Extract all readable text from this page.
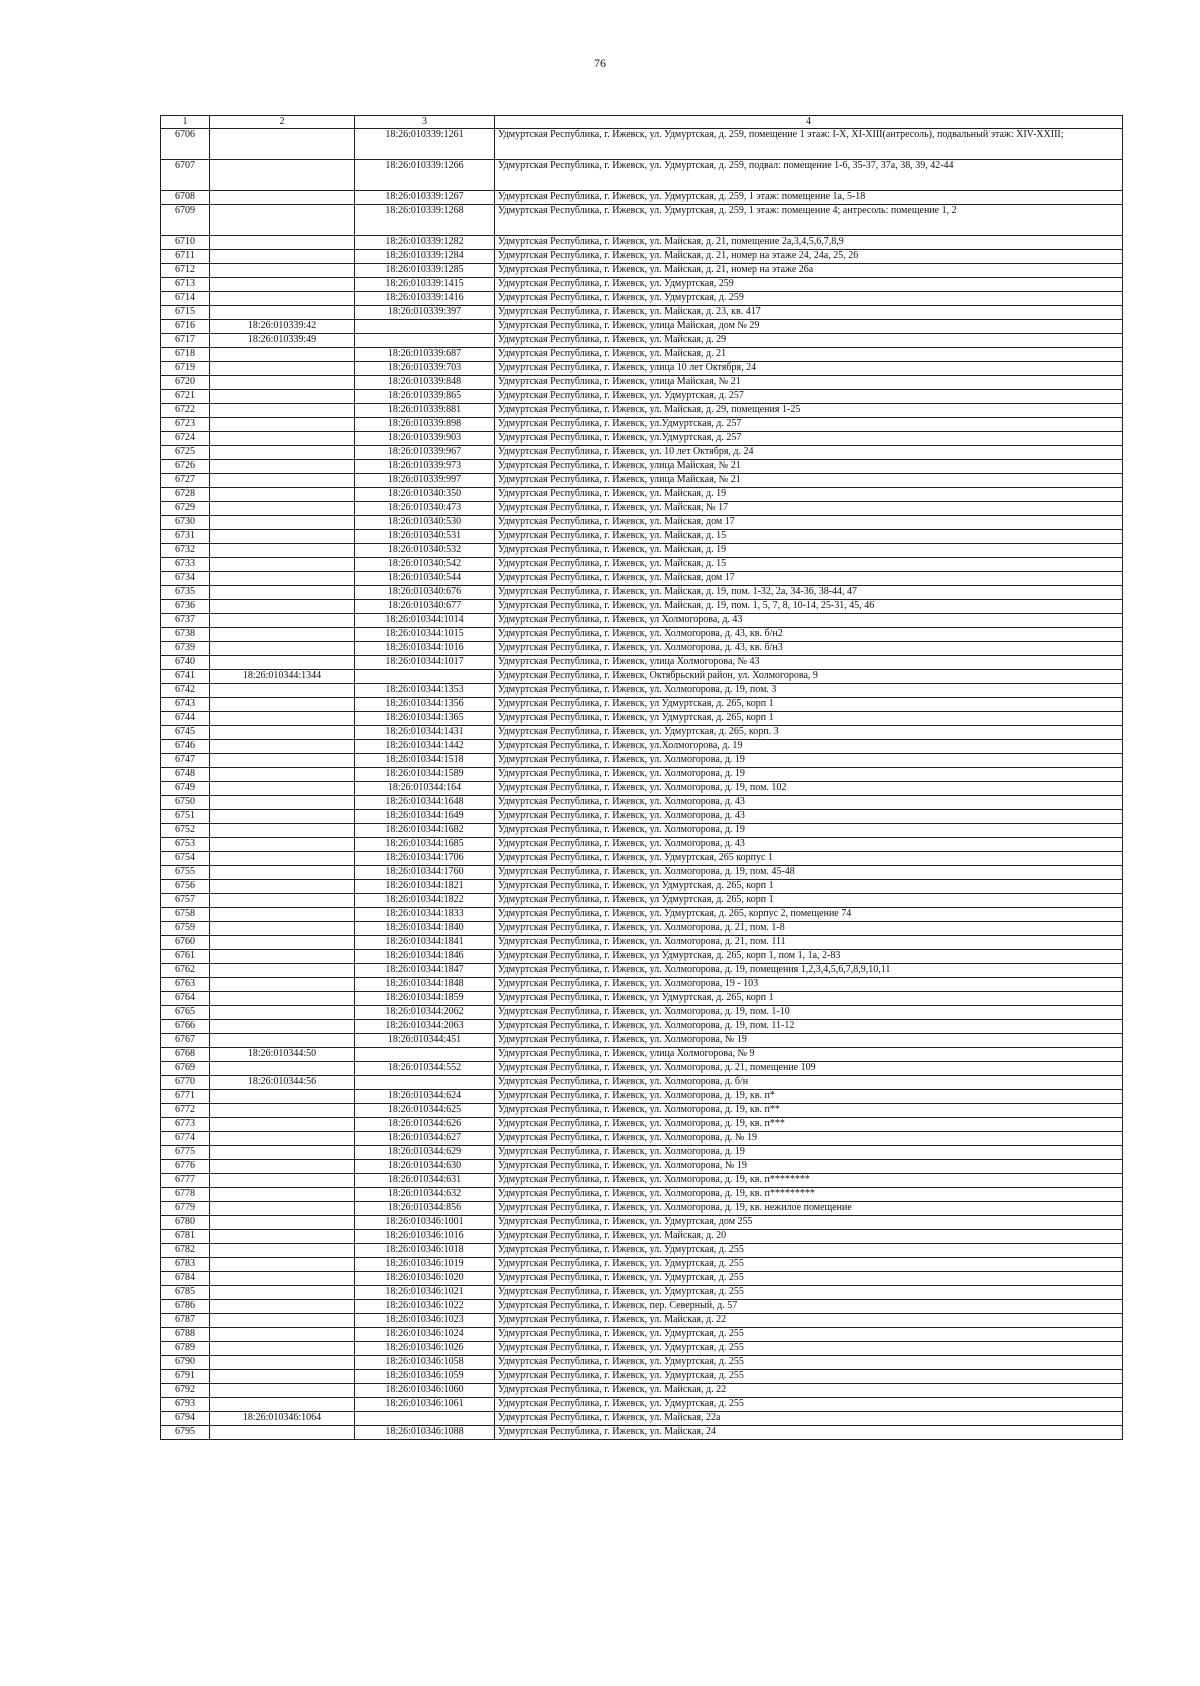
76
1	2	3	4
6706		18:26:010339:1261	Удмуртская Республика, г. Ижевск, ул. Удмуртская, д. 259, помещение 1 этаж: I-X, XI-XIII(антресоль), подвальный этаж: XIV-XXIII;
6707		18:26:010339:1266	Удмуртская Республика, г. Ижевск, ул. Удмуртская, д. 259, подвал: помещение 1-6, 35-37, 37а, 38, 39, 42-44
6708		18:26:010339:1267	Удмуртская Республика, г. Ижевск, ул. Удмуртская, д. 259, 1 этаж: помещение 1а, 5-18
6709		18:26:010339:1268	Удмуртская Республика, г. Ижевск, ул. Удмуртская, д. 259, 1 этаж: помещение 4; антресоль: помещение 1, 2
6710		18:26:010339:1282	Удмуртская Республика, г. Ижевск, ул. Майская, д. 21, помещение 2а,3,4,5,6,7,8,9
6711		18:26:010339:1284	Удмуртская Республика, г. Ижевск, ул. Майская, д. 21, номер на этаже 24, 24а, 25, 26
6712		18:26:010339:1285	Удмуртская Республика, г. Ижевск, ул. Майская, д. 21, номер на этаже 26а
6713		18:26:010339:1415	Удмуртская Республика, г. Ижевск, ул. Удмуртская, 259
6714		18:26:010339:1416	Удмуртская Республика, г. Ижевск, ул. Удмуртская, д. 259
6715		18:26:010339:397	Удмуртская Республика, г. Ижевск, ул. Майская, д. 23, кв. 417
6716	18:26:010339:42		Удмуртская Республика, г. Ижевск, улица Майская, дом № 29
6717	18:26:010339:49		Удмуртская Республика, г. Ижевск, ул. Майская, д. 29
6718		18:26:010339:687	Удмуртская Республика, г. Ижевск, ул. Майская, д. 21
6719		18:26:010339:703	Удмуртская Республика, г. Ижевск, улица 10 лет Октября, 24
6720		18:26:010339:848	Удмуртская Республика, г. Ижевск, улица Майская, № 21
6721		18:26:010339:865	Удмуртская Республика, г. Ижевск, ул. Удмуртская, д. 257
6722		18:26:010339:881	Удмуртская Республика, г. Ижевск, ул. Майская, д. 29, помещения 1-25
6723		18:26:010339:898	Удмуртская Республика, г. Ижевск, ул.Удмуртская, д. 257
6724		18:26:010339:903	Удмуртская Республика, г. Ижевск, ул.Удмуртская, д. 257
6725		18:26:010339:967	Удмуртская Республика, г. Ижевск, ул. 10 лет Октября, д. 24
6726		18:26:010339:973	Удмуртская Республика, г. Ижевск, улица Майская, № 21
6727		18:26:010339:997	Удмуртская Республика, г. Ижевск, улица Майская, № 21
6728		18:26:010340:350	Удмуртская Республика, г. Ижевск, ул. Майская, д. 19
6729		18:26:010340:473	Удмуртская Республика, г. Ижевск, ул. Майская, № 17
6730		18:26:010340:530	Удмуртская Республика, г. Ижевск, ул. Майская, дом 17
6731		18:26:010340:531	Удмуртская Республика, г. Ижевск, ул. Майская, д. 15
6732		18:26:010340:532	Удмуртская Республика, г. Ижевск, ул. Майская, д. 19
6733		18:26:010340:542	Удмуртская Республика, г. Ижевск, ул. Майская, д. 15
6734		18:26:010340:544	Удмуртская Республика, г. Ижевск, ул. Майская, дом 17
6735		18:26:010340:676	Удмуртская Республика, г. Ижевск, ул. Майская, д. 19, пом. 1-32, 2а, 34-36, 38-44, 47
6736		18:26:010340:677	Удмуртская Республика, г. Ижевск, ул. Майская, д. 19, пом. 1, 5, 7, 8, 10-14, 25-31, 45, 46
6737		18:26:010344:1014	Удмуртская Республика, г. Ижевск, ул Холмогорова, д. 43
6738		18:26:010344:1015	Удмуртская Республика, г. Ижевск, ул. Холмогорова, д. 43, кв. б/н2
6739		18:26:010344:1016	Удмуртская Республика, г. Ижевск, ул. Холмогорова, д. 43, кв. б/н3
6740		18:26:010344:1017	Удмуртская Республика, г. Ижевск, улица Холмогорова, № 43
6741	18:26:010344:1344		Удмуртская Республика, г. Ижевск, Октябрьский район, ул. Холмогорова, 9
6742		18:26:010344:1353	Удмуртская Республика, г. Ижевск, ул. Холмогорова, д. 19, пом. 3
6743		18:26:010344:1356	Удмуртская Республика, г. Ижевск, ул Удмуртская, д. 265, корп 1
6744		18:26:010344:1365	Удмуртская Республика, г. Ижевск, ул Удмуртская, д. 265, корп 1
6745		18:26:010344:1431	Удмуртская Республика, г. Ижевск, ул. Удмуртская, д. 265, корп. 3
6746		18:26:010344:1442	Удмуртская Республика, г. Ижевск, ул.Холмогорова, д. 19
6747		18:26:010344:1518	Удмуртская Республика, г. Ижевск, ул. Холмогорова, д. 19
6748		18:26:010344:1589	Удмуртская Республика, г. Ижевск, ул. Холмогорова, д. 19
6749		18:26:010344:164	Удмуртская Республика, г. Ижевск, ул. Холмогорова, д. 19, пом. 102
6750		18:26:010344:1648	Удмуртская Республика, г. Ижевск, ул. Холмогорова, д. 43
6751		18:26:010344:1649	Удмуртская Республика, г. Ижевск, ул. Холмогорова, д. 43
6752		18:26:010344:1682	Удмуртская Республика, г. Ижевск, ул. Холмогорова, д. 19
6753		18:26:010344:1685	Удмуртская Республика, г. Ижевск, ул. Холмогорова, д. 43
6754		18:26:010344:1706	Удмуртская Республика, г. Ижевск, ул. Удмуртская, 265 корпус 1
6755		18:26:010344:1760	Удмуртская Республика, г. Ижевск, ул. Холмогорова, д. 19, пом. 45-48
6756		18:26:010344:1821	Удмуртская Республика, г. Ижевск, ул Удмуртская, д. 265, корп 1
6757		18:26:010344:1822	Удмуртская Республика, г. Ижевск, ул Удмуртская, д. 265, корп 1
6758		18:26:010344:1833	Удмуртская Республика, г. Ижевск, ул. Удмуртская, д. 265, корпус 2, помещение 74
6759		18:26:010344:1840	Удмуртская Республика, г. Ижевск, ул. Холмогорова, д. 21, пом. 1-8
6760		18:26:010344:1841	Удмуртская Республика, г. Ижевск, ул. Холмогорова, д. 21, пом. 111
6761		18:26:010344:1846	Удмуртская Республика, г. Ижевск, ул Удмуртская, д. 265, корп 1, пом 1, 1а, 2-83
6762		18:26:010344:1847	Удмуртская Республика, г. Ижевск, ул. Холмогорова, д. 19, помещения 1,2,3,4,5,6,7,8,9,10,11
6763		18:26:010344:1848	Удмуртская Республика, г. Ижевск, ул. Холмогорова, 19 - 103
6764		18:26:010344:1859	Удмуртская Республика, г. Ижевск, ул Удмуртская, д. 265, корп 1
6765		18:26:010344:2062	Удмуртская Республика, г. Ижевск, ул. Холмогорова, д. 19, пом. 1-10
6766		18:26:010344:2063	Удмуртская Республика, г. Ижевск, ул. Холмогорова, д. 19, пом. 11-12
6767		18:26:010344:451	Удмуртская Республика, г. Ижевск, ул. Холмогорова, № 19
6768	18:26:010344:50		Удмуртская Республика, г. Ижевск, улица Холмогорова, № 9
6769		18:26:010344:552	Удмуртская Республика, г. Ижевск, ул. Холмогорова, д. 21, помещение 109
6770	18:26:010344:56		Удмуртская Республика, г. Ижевск, ул. Холмогорова, д. б/н
6771		18:26:010344:624	Удмуртская Республика, г. Ижевск, ул. Холмогорова, д. 19, кв. п*
6772		18:26:010344:625	Удмуртская Республика, г. Ижевск, ул. Холмогорова, д. 19, кв. п**
6773		18:26:010344:626	Удмуртская Республика, г. Ижевск, ул. Холмогорова, д. 19, кв. п***
6774		18:26:010344:627	Удмуртская Республика, г. Ижевск, ул. Холмогорова, д. № 19
6775		18:26:010344:629	Удмуртская Республика, г. Ижевск, ул. Холмогорова, д. 19
6776		18:26:010344:630	Удмуртская Республика, г. Ижевск, ул. Холмогорова, № 19
6777		18:26:010344:631	Удмуртская Республика, г. Ижевск, ул. Холмогорова, д. 19, кв. п********
6778		18:26:010344:632	Удмуртская Республика, г. Ижевск, ул. Холмогорова, д. 19, кв. п*********
6779		18:26:010344:856	Удмуртская Республика, г. Ижевск, ул. Холмогорова, д. 19, кв. нежилое помещение
6780		18:26:010346:1001	Удмуртская Республика, г. Ижевск, ул. Удмуртская, дом 255
6781		18:26:010346:1016	Удмуртская Республика, г. Ижевск, ул. Майская, д. 20
6782		18:26:010346:1018	Удмуртская Республика, г. Ижевск, ул. Удмуртская, д. 255
6783		18:26:010346:1019	Удмуртская Республика, г. Ижевск, ул. Удмуртская, д. 255
6784		18:26:010346:1020	Удмуртская Республика, г. Ижевск, ул. Удмуртская, д. 255
6785		18:26:010346:1021	Удмуртская Республика, г. Ижевск, ул. Удмуртская, д. 255
6786		18:26:010346:1022	Удмуртская Республика, г. Ижевск, пер. Северный, д. 57
6787		18:26:010346:1023	Удмуртская Республика, г. Ижевск, ул. Майская, д. 22
6788		18:26:010346:1024	Удмуртская Республика, г. Ижевск, ул. Удмуртская, д. 255
6789		18:26:010346:1026	Удмуртская Республика, г. Ижевск, ул. Удмуртская, д. 255
6790		18:26:010346:1058	Удмуртская Республика, г. Ижевск, ул. Удмуртская, д. 255
6791		18:26:010346:1059	Удмуртская Республика, г. Ижевск, ул. Удмуртская, д. 255
6792		18:26:010346:1060	Удмуртская Республика, г. Ижевск, ул. Майская, д. 22
6793		18:26:010346:1061	Удмуртская Республика, г. Ижевск, ул. Удмуртская, д. 255
6794	18:26:010346:1064		Удмуртская Республика, г. Ижевск, ул. Майская, 22а
6795		18:26:010346:1088	Удмуртская Республика, г. Ижевск, ул. Майская, 24
